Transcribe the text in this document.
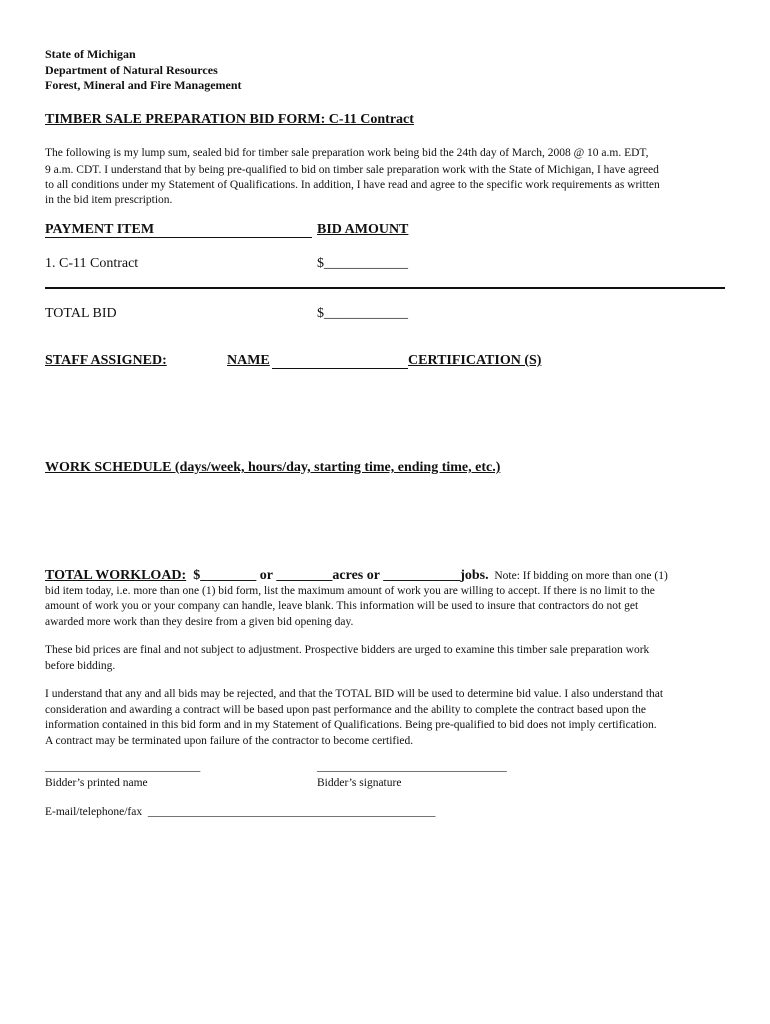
State of Michigan
Department of Natural Resources
Forest, Mineral and Fire Management
TIMBER SALE PREPARATION BID FORM: C-11 Contract
The following is my lump sum, sealed bid for timber sale preparation work being bid the 24th day of March, 2008 @ 10 a.m. EDT,
9 a.m. CDT. I understand that by being pre-qualified to bid on timber sale preparation work with the State of Michigan, I have agreed
to all conditions under my Statement of Qualifications. In addition, I have read and agree to the specific work requirements as written
in the bid item prescription.
PAYMENT ITEM	BID AMOUNT
1. C-11 Contract	$____________
TOTAL BID	$____________
STAFF ASSIGNED:	NAME	CERTIFICATION (S)
WORK SCHEDULE (days/week, hours/day, starting time, ending time, etc.)
TOTAL WORKLOAD: $________ or ________acres or ___________jobs. Note: If bidding on more than one (1)
bid item today, i.e. more than one (1) bid form, list the maximum amount of work you are willing to accept. If there is no limit to the
amount of work you or your company can handle, leave blank. This information will be used to insure that contractors do not get
awarded more work than they desire from a given bid opening day.
These bid prices are final and not subject to adjustment. Prospective bidders are urged to examine this timber sale preparation work
before bidding.
I understand that any and all bids may be rejected, and that the TOTAL BID will be used to determine bid value. I also understand that
consideration and awarding a contract will be based upon past performance and the ability to complete the contract based upon the
information contained in this bid form and in my Statement of Qualifications. Being pre-qualified to bid does not imply certification.
A contract may be terminated upon failure of the contractor to become certified.
___________________________
Bidder’s printed name
_________________________________
Bidder’s signature
E-mail/telephone/fax __________________________________________________
